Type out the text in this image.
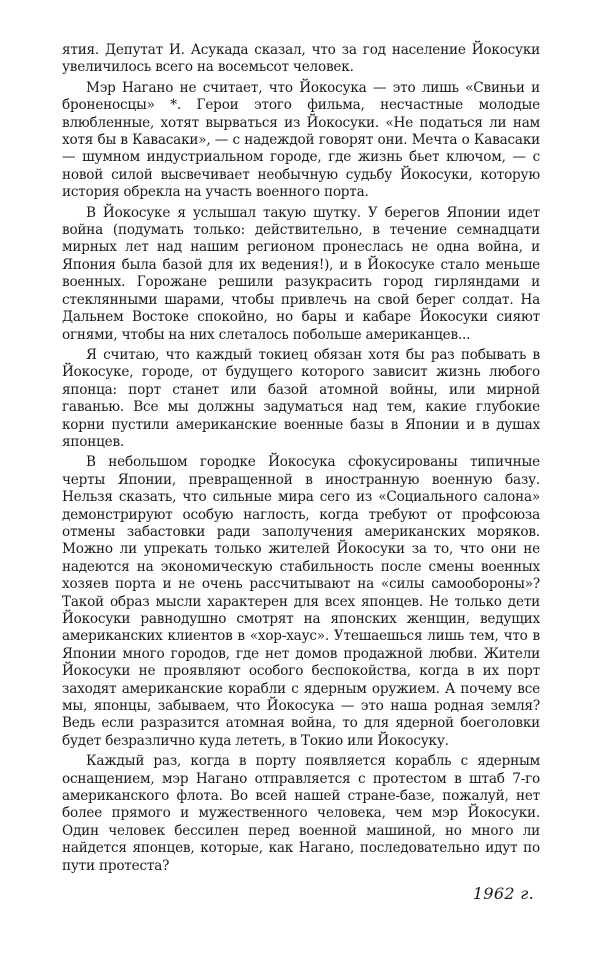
ятия. Депутат И. Асукада сказал, что за год население Йокосуки увеличилось всего на восемьсот человек.

Мэр Нагано не считает, что Йокосука — это лишь «Свиньи и броненосцы» *. Герои этого фильма, несчастные молодые влюбленные, хотят вырваться из Йокосуки. «Не податься ли нам хотя бы в Кавасаки», — с надеждой говорят они. Мечта о Кавасаки — шумном индустриальном городе, где жизнь бьет ключом, — с новой силой высвечивает необычную судьбу Йокосуки, которую история обрекла на участь военного порта.

В Йокосуке я услышал такую шутку. У берегов Японии идет война (подумать только: действительно, в течение семнадцати мирных лет над нашим регионом пронеслась не одна война, и Япония была базой для их ведения!), и в Йокосуке стало меньше военных. Горожане решили разукрасить город гирляндами и стеклянными шарами, чтобы привлечь на свой берег солдат. На Дальнем Востоке спокойно, но бары и кабаре Йокосуки сияют огнями, чтобы на них слеталось побольше американцев...

Я считаю, что каждый токиец обязан хотя бы раз побывать в Йокосуке, городе, от будущего которого зависит жизнь любого японца: порт станет или базой атомной войны, или мирной гаванью. Все мы должны задуматься над тем, какие глубокие корни пустили американские военные базы в Японии и в душах японцев.

В небольшом городке Йокосука сфокусированы типичные черты Японии, превращенной в иностранную военную базу. Нельзя сказать, что сильные мира сего из «Социального салона» демонстрируют особую наглость, когда требуют от профсоюза отмены забастовки ради заполучения американских моряков. Можно ли упрекать только жителей Йокосуки за то, что они не надеются на экономическую стабильность после смены военных хозяев порта и не очень рассчитывают на «силы самообороны»? Такой образ мысли характерен для всех японцев. Не только дети Йокосуки равнодушно смотрят на японских женщин, ведущих американских клиентов в «хор-хаус». Утешаешься лишь тем, что в Японии много городов, где нет домов продажной любви. Жители Йокосуки не проявляют особого беспокойства, когда в их порт заходят американские корабли с ядерным оружием. А почему все мы, японцы, забываем, что Йокосука — это наша родная земля? Ведь если разразится атомная война, то для ядерной боеголовки будет безразлично куда лететь, в Токио или Йокосуку.

Каждый раз, когда в порту появляется корабль с ядерным оснащением, мэр Нагано отправляется с протестом в штаб 7-го американского флота. Во всей нашей стране-базе, пожалуй, нет более прямого и мужественного человека, чем мэр Йокосуки. Один человек бессилен перед военной машиной, но много ли найдется японцев, которые, как Нагано, последовательно идут по пути протеста?

1962 г.
